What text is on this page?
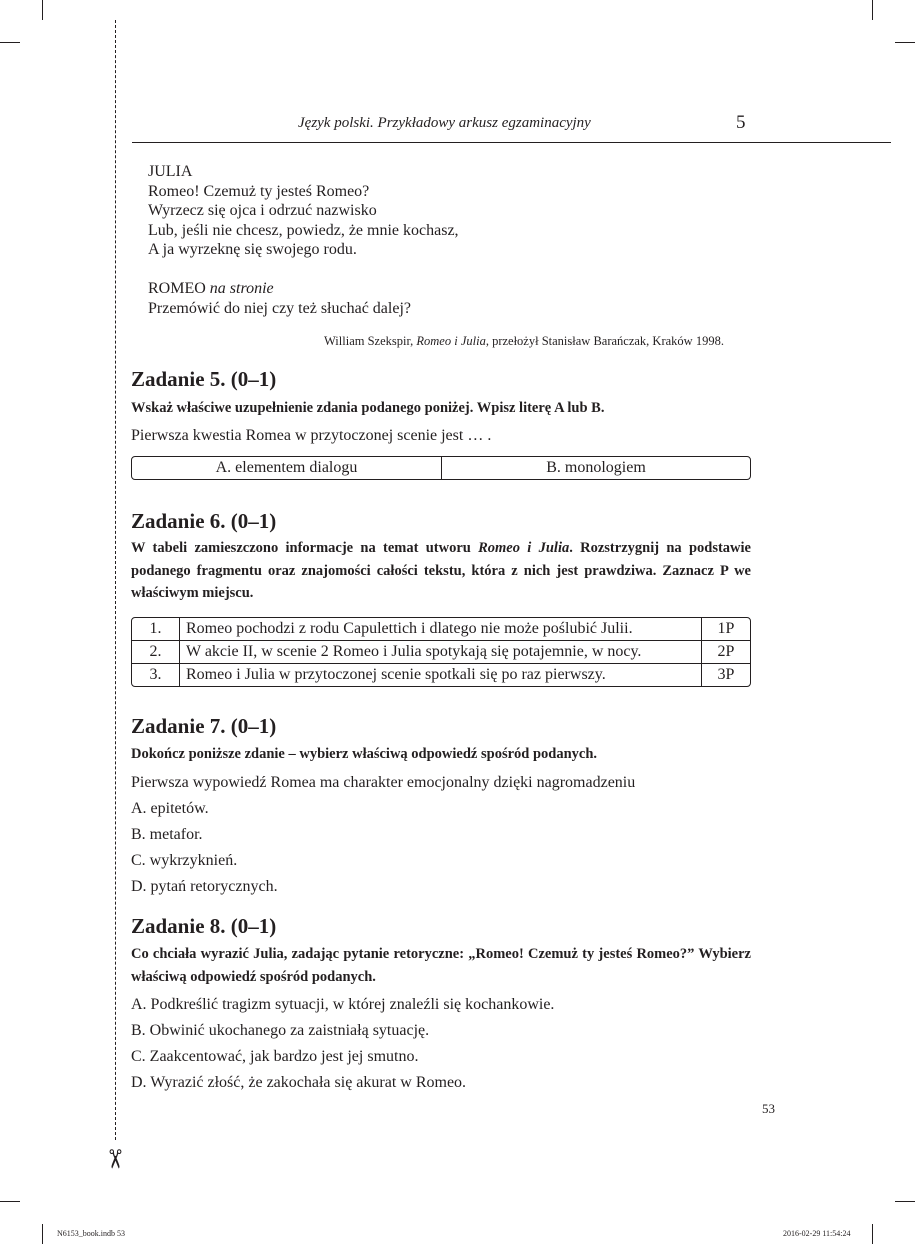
✂
Język polski. Przykładowy arkusz egzaminacyjny	5
JULIA
Romeo! Czemuż ty jesteś Romeo?
Wyrzecz się ojca i odrzuć nazwisko
Lub, jeśli nie chcesz, powiedz, że mnie kochasz,
A ja wyrzeknę się swojego rodu.
ROMEO na stronie
Przemówić do niej czy też słuchać dalej?
William Szekspir, Romeo i Julia, przełożył Stanisław Barańczak, Kraków 1998.
Zadanie 5. (0–1)
Wskaż właściwe uzupełnienie zdania podanego poniżej. Wpisz literę A lub B.
Pierwsza kwestia Romea w przytoczonej scenie jest … .
A. elementem dialogu	B. monologiem
Zadanie 6. (0–1)
W tabeli zamieszczono informacje na temat utworu Romeo i Julia. Rozstrzygnij na podstawie podanego fragmentu oraz znajomości całości tekstu, która z nich jest prawdziwa. Zaznacz P we właściwym miejscu.
1.	Romeo pochodzi z rodu Capulettich i dlatego nie może poślubić Julii.	1P
2.	W akcie II, w scenie 2 Romeo i Julia spotykają się potajemnie, w nocy.	2P
3.	Romeo i Julia w przytoczonej scenie spotkali się po raz pierwszy.	3P
Zadanie 7. (0–1)
Dokończ poniższe zdanie – wybierz właściwą odpowiedź spośród podanych.
Pierwsza wypowiedź Romea ma charakter emocjonalny dzięki nagromadzeniu
A. epitetów.
B. metafor.
C. wykrzyknień.
D. pytań retorycznych.
Zadanie 8. (0–1)
Co chciała wyrazić Julia, zadając pytanie retoryczne: „Romeo! Czemuż ty jesteś Romeo?” Wybierz właściwą odpowiedź spośród podanych.
A. Podkreślić tragizm sytuacji, w której znaleźli się kochankowie.
B. Obwinić ukochanego za zaistniałą sytuację.
C. Zaakcentować, jak bardzo jest jej smutno.
D. Wyrazić złość, że zakochała się akurat w Romeo.
53
N6153_book.indb 53	2016-02-29 11:54:24
